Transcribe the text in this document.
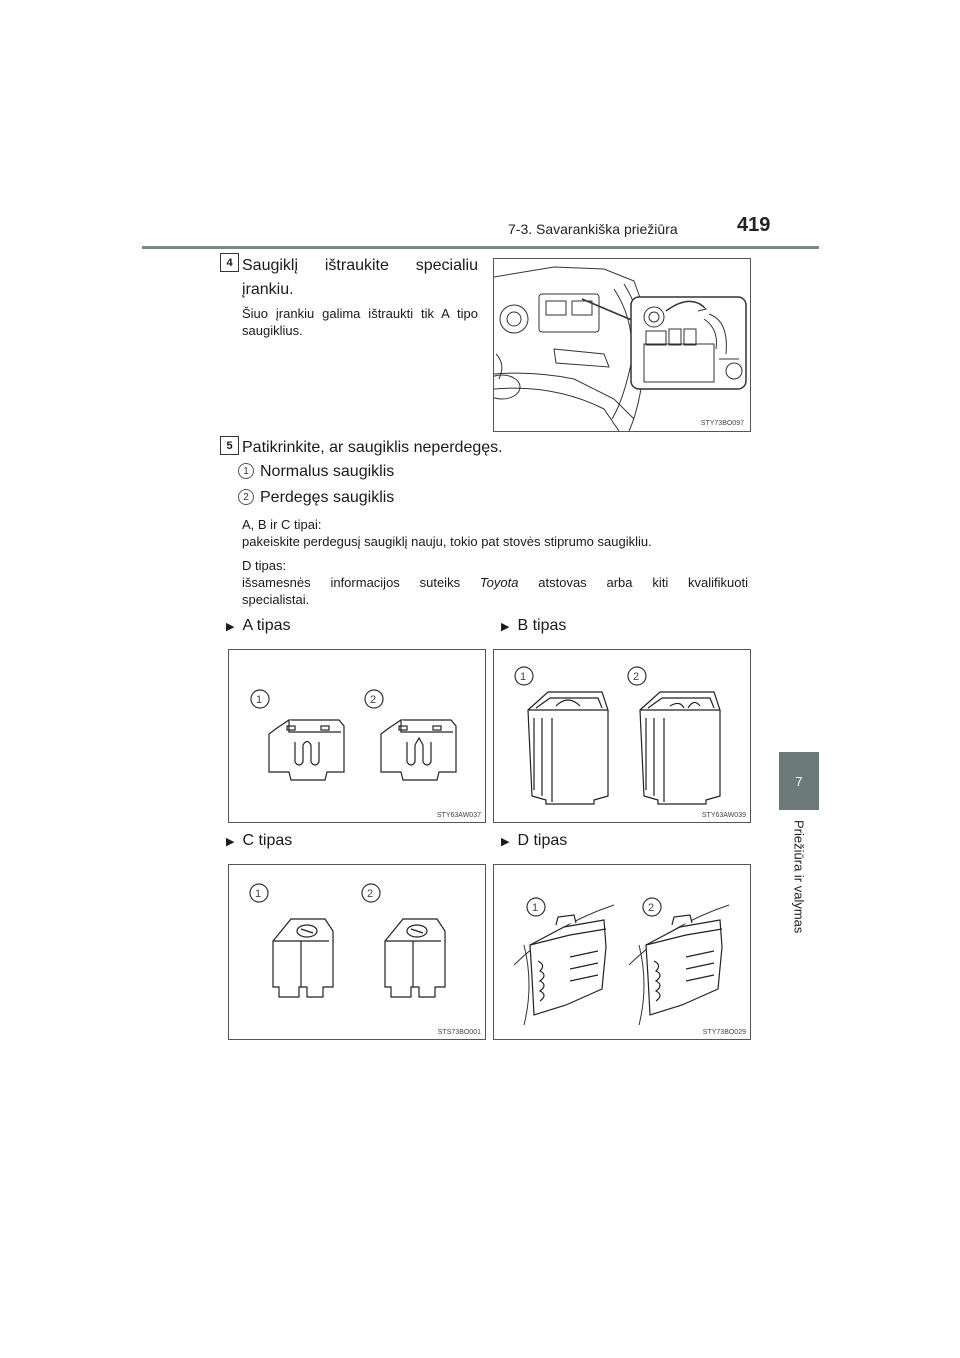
7-3. Savarankiška priežiūra	419
7
Priežiūra ir valymas
4 Saugiklį ištraukite specialiu
įrankiu.
Šiuo įrankiu galima ištraukti tik A tipo saugiklius.
STY73BO097
5 Patikrinkite, ar saugiklis neperdegęs.
1 Normalus saugiklis
2 Perdegęs saugiklis
A, B ir C tipai:
pakeiskite perdegusį saugiklį nauju, tokio pat stovės stiprumo saugikliu.
D tipas:
išsamesnės informacijos suteiks Toyota atstovas arba kiti kvalifikuoti
specialistai.
▶ A tipas	▶ B tipas
1	2
STY63AW037
1	2
STY63AW039
▶ C tipas	▶ D tipas
1	2
STS73BO001
1	2
STY73BO029
